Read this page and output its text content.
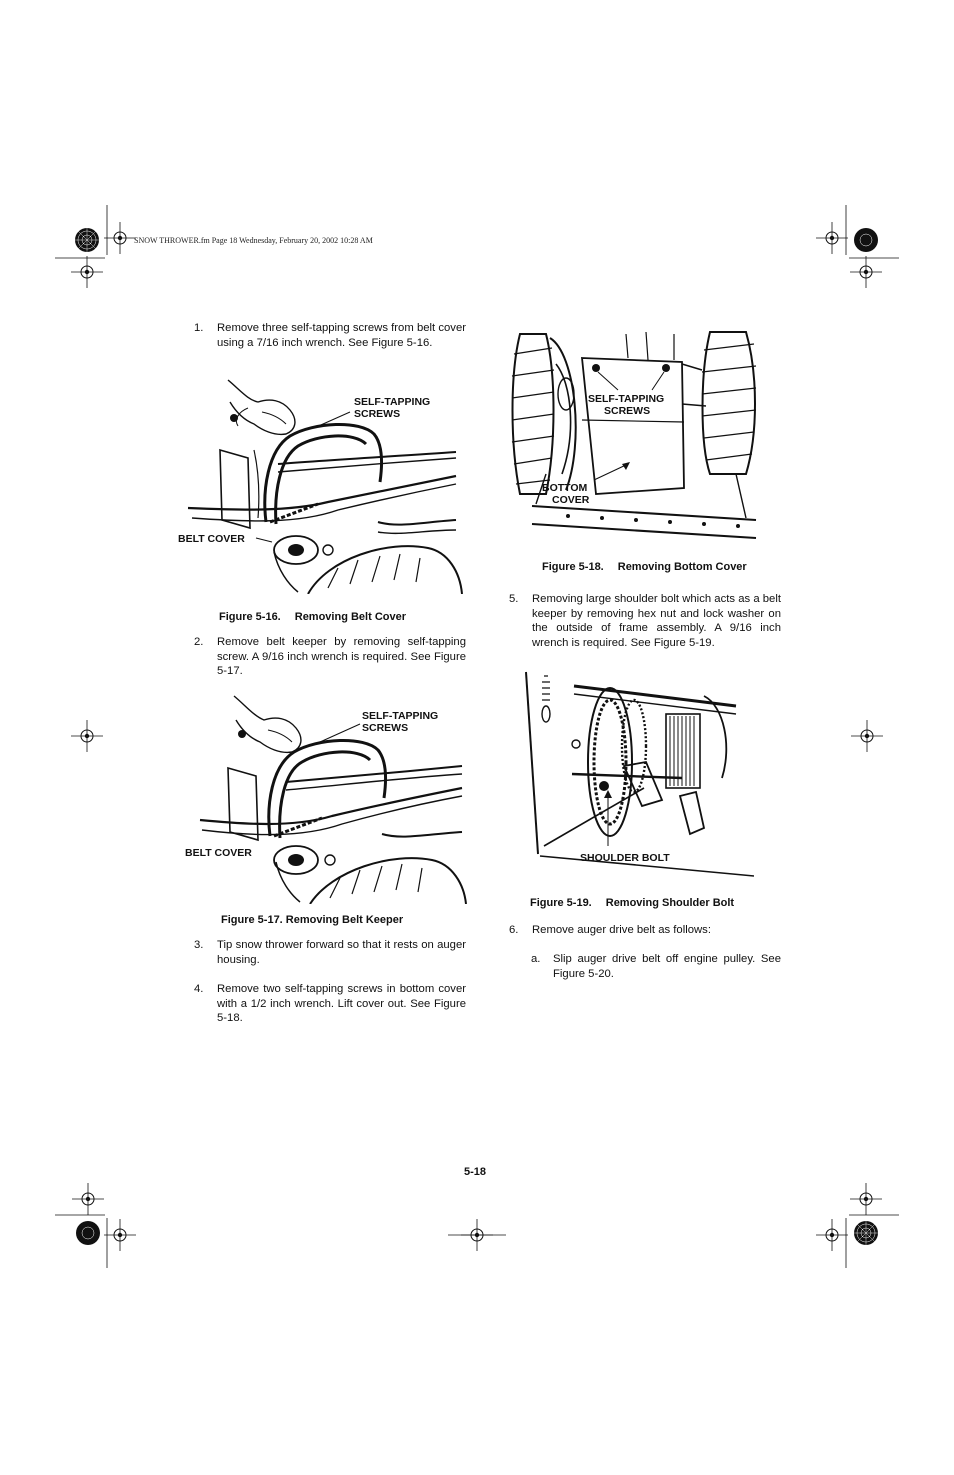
SNOW THROWER.fm Page 18 Wednesday, February 20, 2002 10:28 AM
1. Remove three self-tapping screws from belt cover using a 7/16 inch wrench. See Figure 5-16.
SELF-TAPPING
SCREWS
BELT COVER
Figure 5-16. Removing Belt Cover
2. Remove belt keeper by removing self-tapping screw. A 9/16 inch wrench is required. See Figure 5-17.
SELF-TAPPING
SCREWS
BELT COVER
Figure 5-17. Removing Belt Keeper
3. Tip snow thrower forward so that it rests on auger housing.
4. Remove two self-tapping screws in bottom cover with a 1/2 inch wrench. Lift cover out. See Figure 5-18.
SELF-TAPPING
SCREWS
BOTTOM
COVER
Figure 5-18. Removing Bottom Cover
5. Removing large shoulder bolt which acts as a belt keeper by removing hex nut and lock washer on the outside of frame assembly. A 9/16 inch wrench is required. See Figure 5-19.
SHOULDER BOLT
Figure 5-19. Removing Shoulder Bolt
6. Remove auger drive belt as follows:
a. Slip auger drive belt off engine pulley. See Figure 5-20.
5-18
